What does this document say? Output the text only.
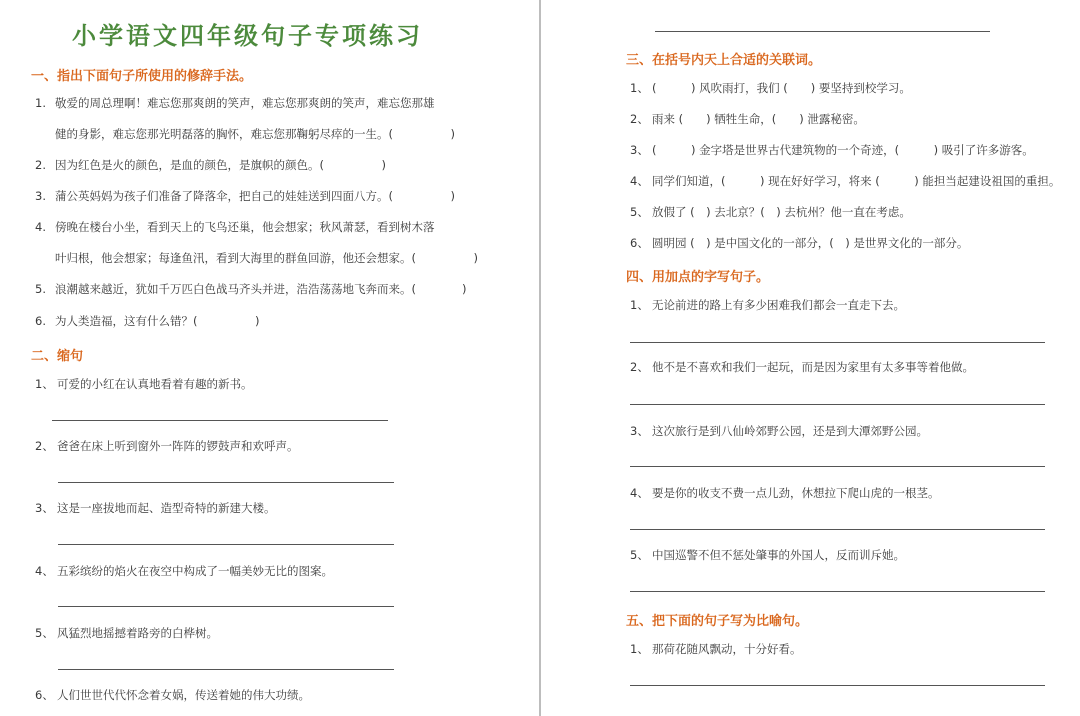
小学语文四年级句子专项练习
一、指出下面句子所使用的修辞手法。
1. 敬爱的周总理啊！难忘您那爽朗的笑声，难忘您那爽朗的笑声，难忘您那雄
健的身影，难忘您那光明磊落的胸怀，难忘您那鞠躬尽瘁的一生。(　　　　　)
2. 因为红色是火的颜色，是血的颜色，是旗帜的颜色。(　　　　　)
3. 蒲公英妈妈为孩子们准备了降落伞，把自己的娃娃送到四面八方。(　　　　　)
4. 傍晚在楼台小坐，看到天上的飞鸟还巢，他会想家；秋风萧瑟，看到树木落
叶归根，他会想家；每逢鱼汛，看到大海里的群鱼回游，他还会想家。(　　　　　)
5. 浪潮越来越近，犹如千万匹白色战马齐头并进，浩浩荡荡地飞奔而来。(　　　　)
6. 为人类造福，这有什么错？(　　　　　)
二、缩句
1、 可爱的小红在认真地看着有趣的新书。
2、 爸爸在床上听到窗外一阵阵的锣鼓声和欢呼声。
3、 这是一座拔地而起、造型奇特的新建大楼。
4、 五彩缤纷的焰火在夜空中构成了一幅美妙无比的图案。
5、 风猛烈地摇撼着路旁的白桦树。
6、 人们世世代代怀念着女娲，传送着她的伟大功绩。
三、在括号内天上合适的关联词。
1、 (　　　) 风吹雨打，我们 (　　) 要坚持到校学习。
2、 雨来 (　　) 牺牲生命，(　　) 泄露秘密。
3、 (　　　) 金字塔是世界古代建筑物的一个奇迹，(　　　) 吸引了许多游客。
4、 同学们知道，(　　　) 现在好好学习，将来 (　　　) 能担当起建设祖国的重担。
5、 放假了 (　) 去北京？(　) 去杭州？他一直在考虑。
6、 圆明园 (　) 是中国文化的一部分，(　) 是世界文化的一部分。
四、用加点的字写句子。
1、 无论前进的路上有多少困难我们都会一直走下去。
2、 他不是不喜欢和我们一起玩，而是因为家里有太多事等着他做。
3、 这次旅行是到八仙岭郊野公园，还是到大潭郊野公园。
4、 要是你的收支不费一点儿劲，休想拉下爬山虎的一根茎。
5、 中国巡警不但不惩处肇事的外国人，反而训斥她。
五、把下面的句子写为比喻句。
1、 那荷花随风飘动，十分好看。
